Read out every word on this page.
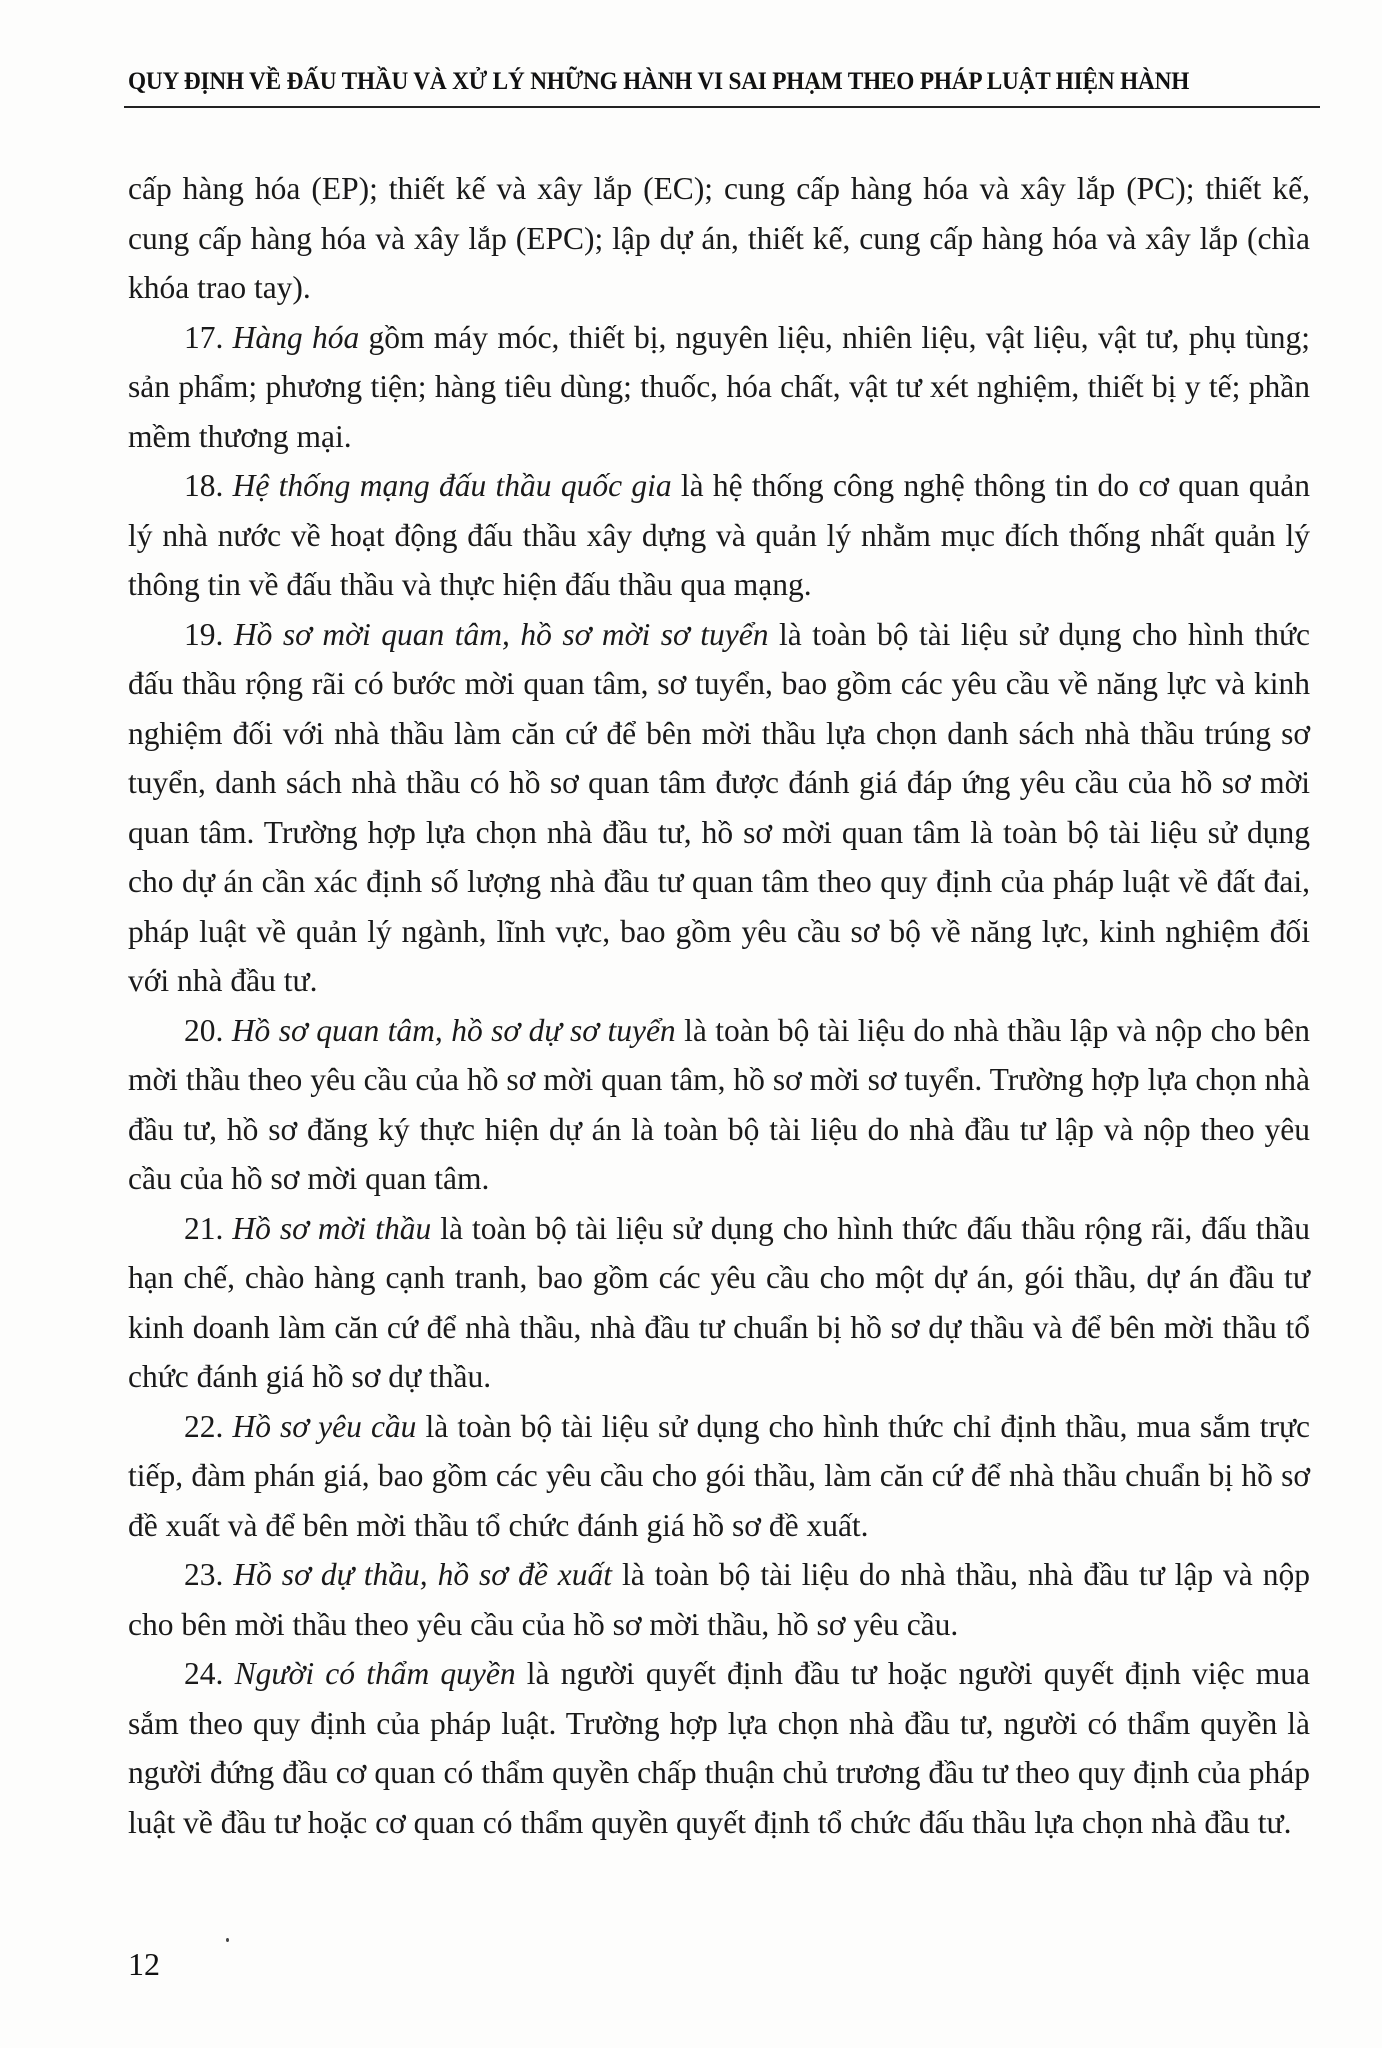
QUY ĐỊNH VỀ ĐẤU THẦU VÀ XỬ LÝ NHỮNG HÀNH VI SAI PHẠM THEO PHÁP LUẬT HIỆN HÀNH

cấp hàng hóa (EP); thiết kế và xây lắp (EC); cung cấp hàng hóa và xây lắp (PC); thiết kế, cung cấp hàng hóa và xây lắp (EPC); lập dự án, thiết kế, cung cấp hàng hóa và xây lắp (chìa khóa trao tay).

17. Hàng hóa gồm máy móc, thiết bị, nguyên liệu, nhiên liệu, vật liệu, vật tư, phụ tùng; sản phẩm; phương tiện; hàng tiêu dùng; thuốc, hóa chất, vật tư xét nghiệm, thiết bị y tế; phần mềm thương mại.

18. Hệ thống mạng đấu thầu quốc gia là hệ thống công nghệ thông tin do cơ quan quản lý nhà nước về hoạt động đấu thầu xây dựng và quản lý nhằm mục đích thống nhất quản lý thông tin về đấu thầu và thực hiện đấu thầu qua mạng.

19. Hồ sơ mời quan tâm, hồ sơ mời sơ tuyển là toàn bộ tài liệu sử dụng cho hình thức đấu thầu rộng rãi có bước mời quan tâm, sơ tuyển, bao gồm các yêu cầu về năng lực và kinh nghiệm đối với nhà thầu làm căn cứ để bên mời thầu lựa chọn danh sách nhà thầu trúng sơ tuyển, danh sách nhà thầu có hồ sơ quan tâm được đánh giá đáp ứng yêu cầu của hồ sơ mời quan tâm. Trường hợp lựa chọn nhà đầu tư, hồ sơ mời quan tâm là toàn bộ tài liệu sử dụng cho dự án cần xác định số lượng nhà đầu tư quan tâm theo quy định của pháp luật về đất đai, pháp luật về quản lý ngành, lĩnh vực, bao gồm yêu cầu sơ bộ về năng lực, kinh nghiệm đối với nhà đầu tư.

20. Hồ sơ quan tâm, hồ sơ dự sơ tuyển là toàn bộ tài liệu do nhà thầu lập và nộp cho bên mời thầu theo yêu cầu của hồ sơ mời quan tâm, hồ sơ mời sơ tuyển. Trường hợp lựa chọn nhà đầu tư, hồ sơ đăng ký thực hiện dự án là toàn bộ tài liệu do nhà đầu tư lập và nộp theo yêu cầu của hồ sơ mời quan tâm.

21. Hồ sơ mời thầu là toàn bộ tài liệu sử dụng cho hình thức đấu thầu rộng rãi, đấu thầu hạn chế, chào hàng cạnh tranh, bao gồm các yêu cầu cho một dự án, gói thầu, dự án đầu tư kinh doanh làm căn cứ để nhà thầu, nhà đầu tư chuẩn bị hồ sơ dự thầu và để bên mời thầu tổ chức đánh giá hồ sơ dự thầu.

22. Hồ sơ yêu cầu là toàn bộ tài liệu sử dụng cho hình thức chỉ định thầu, mua sắm trực tiếp, đàm phán giá, bao gồm các yêu cầu cho gói thầu, làm căn cứ để nhà thầu chuẩn bị hồ sơ đề xuất và để bên mời thầu tổ chức đánh giá hồ sơ đề xuất.

23. Hồ sơ dự thầu, hồ sơ đề xuất là toàn bộ tài liệu do nhà thầu, nhà đầu tư lập và nộp cho bên mời thầu theo yêu cầu của hồ sơ mời thầu, hồ sơ yêu cầu.

24. Người có thẩm quyền là người quyết định đầu tư hoặc người quyết định việc mua sắm theo quy định của pháp luật. Trường hợp lựa chọn nhà đầu tư, người có thẩm quyền là người đứng đầu cơ quan có thẩm quyền chấp thuận chủ trương đầu tư theo quy định của pháp luật về đầu tư hoặc cơ quan có thẩm quyền quyết định tổ chức đấu thầu lựa chọn nhà đầu tư.

12
